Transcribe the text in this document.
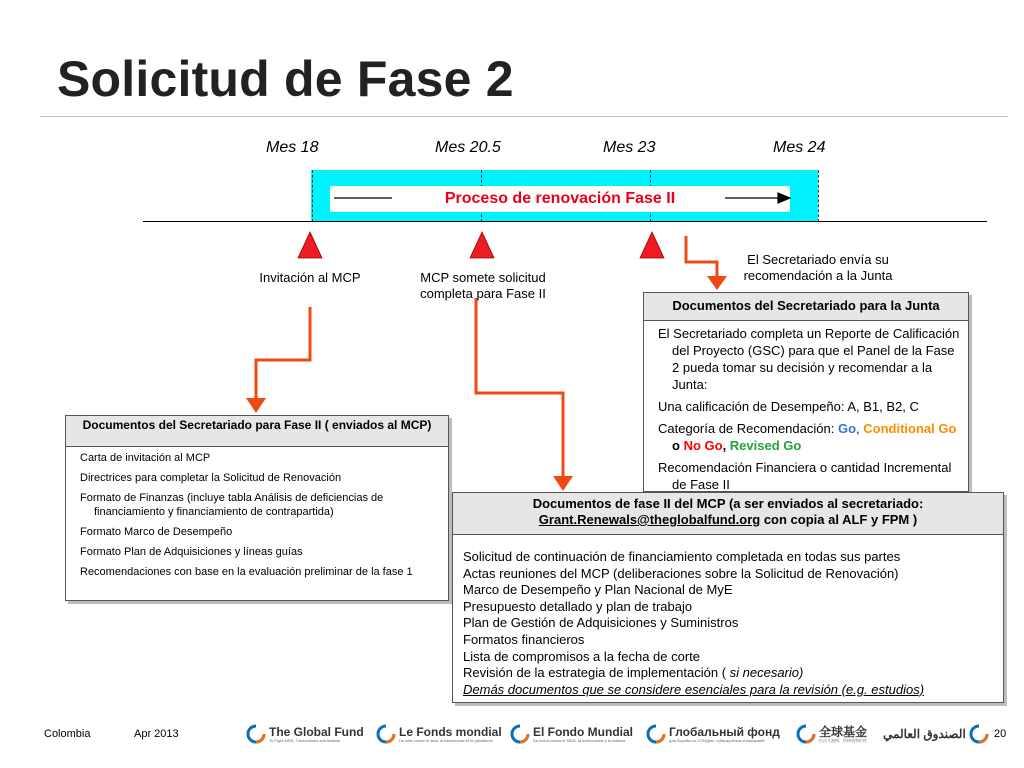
Solicitud de Fase 2
Mes 18	Mes 20.5	Mes 23	Mes 24
Proceso de renovación Fase II
Invitación al MCP	MCP somete solicitud completa para Fase II
El Secretariado envía su recomendación a la Junta
Documentos del Secretariado para Fase II ( enviados al MCP)
Carta de invitación al MCP
Directrices para completar la Solicitud de Renovación
Formato de Finanzas (incluye tabla Análisis de deficiencias de financiamiento y financiamiento de contrapartida)
Formato Marco de Desempeño
Formato Plan de Adquisiciones y líneas guías
Recomendaciones con base en la evaluación preliminar de la fase 1
Documentos del Secretariado para la Junta
El Secretariado completa un Reporte de Calificación del Proyecto (GSC) para que el Panel de la Fase 2 pueda tomar su decisión y recomendar a la Junta:
Una calificación de Desempeño: A, B1, B2, C
Categoría de Recomendación: Go, Conditional Go o No Go, Revised Go
Recomendación Financiera o cantidad Incremental de Fase II
Documentos de fase II del MCP (a ser enviados al secretariado:
Grant.Renewals@theglobalfund.org con copia al ALF y FPM )
Solicitud de continuación de financiamiento completada en todas sus partes
Actas reuniones del MCP (deliberaciones sobre la Solicitud de Renovación)
Marco de Desempeño y Plan Nacional de MyE
Presupuesto detallado y plan de trabajo
Plan de Gestión de Adquisiciones y Suministros
Formatos financieros
Lista de compromisos a la fecha de corte
Revisión de la estrategia de implementación ( si necesario)
Demás documentos que se considere esenciales para la revisión (e.g. estudios)
Colombia	Apr 2013	20
The Global Fund
To Fight AIDS, Tuberculosis and Malaria
Le Fonds mondial
De lutte contre le sida, la tuberculose et le paludisme
El Fondo Mundial
De lucha contra el SIDA, la tuberculosis y la malaria
Глобальный фонд
для борьбы со СПИДом, туберкулезом и малярией
全球基金
抗击艾滋病、结核病和疟疾 الصندوق العالمي
